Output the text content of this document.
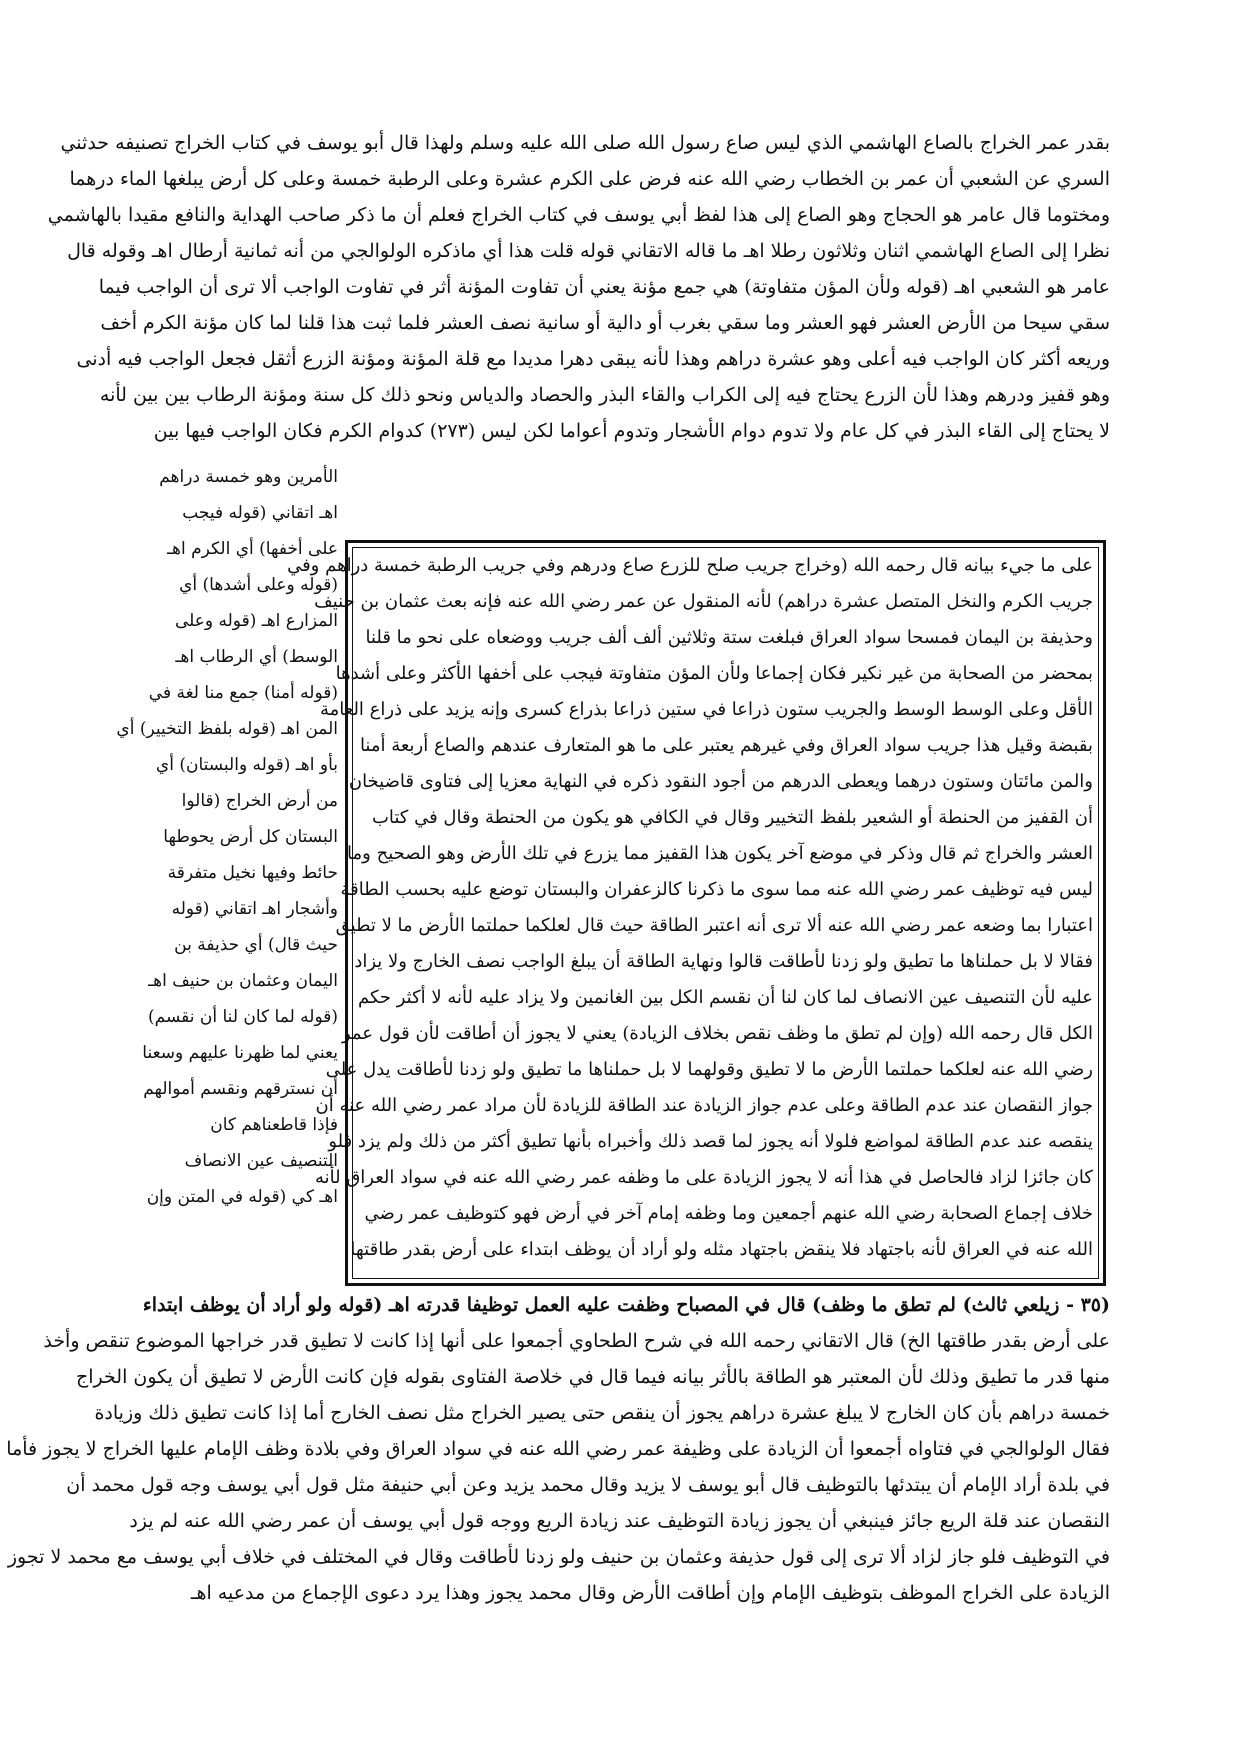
بقدر عمر الخراج بالصاع الهاشمي الذي ليس صاع رسول الله صلى الله عليه وسلم ولهذا قال أبو يوسف في كتاب الخراج تصنيفه حدثني
السري عن الشعبي أن عمر بن الخطاب رضي الله عنه فرض على الكرم عشرة وعلى الرطبة خمسة وعلى كل أرض يبلغها الماء درهما
ومختوما قال عامر هو الحجاج وهو الصاع إلى هذا لفظ أبي يوسف في كتاب الخراج فعلم أن ما ذكر صاحب الهداية والنافع مقيدا بالهاشمي
نظرا إلى الصاع الهاشمي اثنان وثلاثون رطلا اهـ ما قاله الاتقاني قوله قلت هذا أي ماذكره الولوالجي من أنه ثمانية أرطال اهـ وقوله قال
عامر هو الشعبي اهـ (قوله ولأن المؤن متفاوتة) هي جمع مؤنة يعني أن تفاوت المؤنة أثر في تفاوت الواجب ألا ترى أن الواجب فيما
سقي سيحا من الأرض العشر فهو العشر وما سقي بغرب أو دالية أو سانية نصف العشر فلما ثبت هذا قلنا لما كان مؤنة الكرم أخف
وريعه أكثر كان الواجب فيه أعلى وهو عشرة دراهم وهذا لأنه يبقى دهرا مديدا مع قلة المؤنة ومؤنة الزرع أثقل فجعل الواجب فيه أدنى
وهو قفيز ودرهم وهذا لأن الزرع يحتاج فيه إلى الكراب والقاء البذر والحصاد والدياس ونحو ذلك كل سنة ومؤنة الرطاب بين بين لأنه
لا يحتاج إلى القاء البذر في كل عام ولا تدوم دوام الأشجار وتدوم أعواما لكن ليس (٢٧٣) كدوام الكرم فكان الواجب فيها بين
الأمرين وهو خمسة دراهم
اهـ اتقاني (قوله فيجب
على أخفها) أي الكرم اهـ
(قوله وعلى أشدها) أي
المزارع اهـ (قوله وعلى
الوسط) أي الرطاب اهـ
(قوله أمنا) جمع منا لغة في
المن اهـ (قوله بلفظ التخيير) أي
بأو اهـ (قوله والبستان) أي
من أرض الخراج (قالوا
البستان كل أرض يحوطها
حائط وفيها نخيل متفرقة
وأشجار اهـ اتقاني (قوله
حيث قال) أي حذيفة بن
اليمان وعثمان بن حنيف اهـ
(قوله لما كان لنا أن نقسم)
يعني لما ظهرنا عليهم وسعنا
أن نسترقهم ونقسم أموالهم
فإذا قاطعناهم كان
التنصيف عين الانصاف
اهـ كي (قوله في المتن وإن
على ما جيء بيانه قال رحمه الله (وخراج جريب صلح للزرع صاع ودرهم وفي جريب الرطبة خمسة دراهم وفي
جريب الكرم والنخل المتصل عشرة دراهم) لأنه المنقول عن عمر رضي الله عنه فإنه بعث عثمان بن حنيف
وحذيفة بن اليمان فمسحا سواد العراق فبلغت ستة وثلاثين ألف ألف جريب ووضعاه على نحو ما قلنا
بمحضر من الصحابة من غير نكير فكان إجماعا ولأن المؤن متفاوتة فيجب على أخفها الأكثر وعلى أشدها
الأقل وعلى الوسط الوسط والجريب ستون ذراعا في ستين ذراعا بذراع كسرى وإنه يزيد على ذراع العامة
بقبضة وقيل هذا جريب سواد العراق وفي غيرهم يعتبر على ما هو المتعارف عندهم والصاع أربعة أمنا
والمن مائتان وستون درهما ويعطى الدرهم من أجود النقود ذكره في النهاية معزيا إلى فتاوى قاضيخان
أن القفيز من الحنطة أو الشعير بلفظ التخيير وقال في الكافي هو يكون من الحنطة وقال في كتاب
العشر والخراج ثم قال وذكر في موضع آخر يكون هذا القفيز مما يزرع في تلك الأرض وهو الصحيح وما
ليس فيه توظيف عمر رضي الله عنه مما سوى ما ذكرنا كالزعفران والبستان توضع عليه بحسب الطاقة
اعتبارا بما وضعه عمر رضي الله عنه ألا ترى أنه اعتبر الطاقة حيث قال لعلكما حملتما الأرض ما لا تطيق
فقالا لا بل حملناها ما تطيق ولو زدنا لأطاقت قالوا ونهاية الطاقة أن يبلغ الواجب نصف الخارج ولا يزاد
عليه لأن التنصيف عين الانصاف لما كان لنا أن نقسم الكل بين الغانمين ولا يزاد عليه لأنه لا أكثر حكم
الكل قال رحمه الله (وإن لم تطق ما وظف نقص بخلاف الزيادة) يعني لا يجوز أن أطاقت لأن قول عمر
رضي الله عنه لعلكما حملتما الأرض ما لا تطيق وقولهما لا بل حملناها ما تطيق ولو زدنا لأطاقت يدل على
جواز النقصان عند عدم الطاقة وعلى عدم جواز الزيادة عند الطاقة للزيادة لأن مراد عمر رضي الله عنه أن
ينقصه عند عدم الطاقة لمواضع فلولا أنه يجوز لما قصد ذلك وأخبراه بأنها تطيق أكثر من ذلك ولم يزد فلو
كان جائزا لزاد فالحاصل في هذا أنه لا يجوز الزيادة على ما وظفه عمر رضي الله عنه في سواد العراق لأنه
خلاف إجماع الصحابة رضي الله عنهم أجمعين وما وظفه إمام آخر في أرض فهو كتوظيف عمر رضي
الله عنه في العراق لأنه باجتهاد فلا ينقض باجتهاد مثله ولو أراد أن يوظف ابتداء على أرض بقدر طاقتها
(٣٥ - زيلعي ثالث) لم تطق ما وظف) قال في المصباح وظفت عليه العمل توظيفا قدرته اهـ (قوله ولو أراد أن يوظف ابتداء
على أرض بقدر طاقتها الخ) قال الاتقاني رحمه الله في شرح الطحاوي أجمعوا على أنها إذا كانت لا تطيق قدر خراجها الموضوع تنقص وأخذ
منها قدر ما تطيق وذلك لأن المعتبر هو الطاقة بالأثر بيانه فيما قال في خلاصة الفتاوى بقوله فإن كانت الأرض لا تطيق أن يكون الخراج
خمسة دراهم بأن كان الخارج لا يبلغ عشرة دراهم يجوز أن ينقص حتى يصير الخراج مثل نصف الخارج أما إذا كانت تطيق ذلك وزيادة
فقال الولوالجي في فتاواه أجمعوا أن الزيادة على وظيفة عمر رضي الله عنه في سواد العراق وفي بلادة وظف الإمام عليها الخراج لا يجوز فأما
في بلدة أراد الإمام أن يبتدئها بالتوظيف قال أبو يوسف لا يزيد وقال محمد يزيد وعن أبي حنيفة مثل قول أبي يوسف وجه قول محمد أن
النقصان عند قلة الريع جائز فينبغي أن يجوز زيادة التوظيف عند زيادة الريع ووجه قول أبي يوسف أن عمر رضي الله عنه لم يزد
في التوظيف فلو جاز لزاد ألا ترى إلى قول حذيفة وعثمان بن حنيف ولو زدنا لأطاقت وقال في المختلف في خلاف أبي يوسف مع محمد لا تجوز
الزيادة على الخراج الموظف بتوظيف الإمام وإن أطاقت الأرض وقال محمد يجوز وهذا يرد دعوى الإجماع من مدعيه اهـ
